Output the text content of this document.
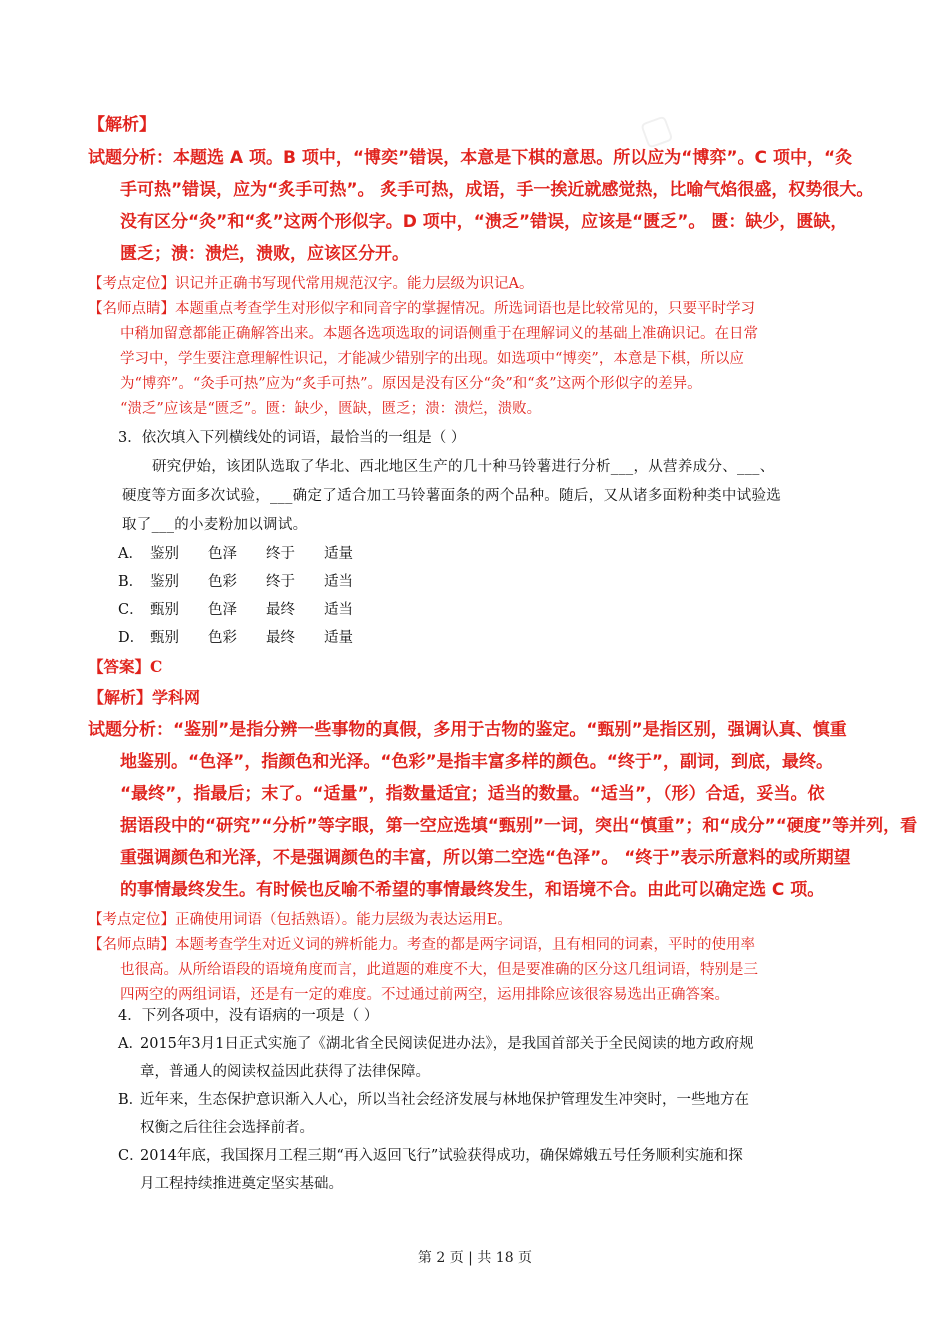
▢
【解析】
试题分析：本题选 A 项。B 项中，“博奕”错误，本意是下棋的意思。所以应为“博弈”。C 项中，“灸
手可热”错误，应为“炙手可热”。 炙手可热，成语，手一挨近就感觉热，比喻气焰很盛，权势很大。
没有区分“灸”和“炙”这两个形似字。D 项中，“溃乏”错误，应该是“匮乏”。 匮：缺少，匮缺，
匮乏；溃：溃烂，溃败，应该区分开。
【考点定位】识记并正确书写现代常用规范汉字。能力层级为识记A。
【名师点睛】本题重点考查学生对形似字和同音字的掌握情况。所选词语也是比较常见的，只要平时学习
中稍加留意都能正确解答出来。本题各选项选取的词语侧重于在理解词义的基础上准确识记。在日常
学习中，学生要注意理解性识记，才能减少错别字的出现。如选项中“博奕”，本意是下棋，所以应
为“博弈”。“灸手可热”应为“炙手可热”。原因是没有区分“灸”和“炙”这两个形似字的差异。
“溃乏”应该是“匮乏”。匮：缺少，匮缺，匮乏；溃：溃烂，溃败。
3．依次填入下列横线处的词语，最恰当的一组是（ ）
研究伊始，该团队选取了华北、西北地区生产的几十种马铃薯进行分析___，从营养成分、___、
硬度等方面多次试验，___确定了适合加工马铃薯面条的两个品种。随后，又从诸多面粉种类中试验选
取了___的小麦粉加以调试。
A． 鉴别 色泽 终于 适量
B． 鉴别 色彩 终于 适当
C． 甄别 色泽 最终 适当
D． 甄别 色彩 最终 适量
【答案】C
【解析】学科网
试题分析：“鉴别”是指分辨一些事物的真假，多用于古物的鉴定。“甄别”是指区别，强调认真、慎重
地鉴别。“色泽”，指颜色和光泽。“色彩”是指丰富多样的颜色。“终于”，副词，到底，最终。
“最终”，指最后；末了。“适量”，指数量适宜；适当的数量。“适当”，（形）合适，妥当。依
据语段中的“研究”“分析”等字眼，第一空应选填“甄别”一词，突出“慎重”；和“成分”“硬度”等并列，看
重强调颜色和光泽，不是强调颜色的丰富，所以第二空选“色泽”。 “终于”表示所意料的或所期望
的事情最终发生。有时候也反喻不希望的事情最终发生，和语境不合。由此可以确定选 C 项。
【考点定位】正确使用词语（包括熟语）。能力层级为表达运用E。
【名师点睛】本题考查学生对近义词的辨析能力。考查的都是两字词语，且有相同的词素，平时的使用率
也很高。从所给语段的语境角度而言，此道题的难度不大，但是要准确的区分这几组词语，特别是三
四两空的两组词语，还是有一定的难度。不过通过前两空，运用排除应该很容易选出正确答案。
4．下列各项中，没有语病的一项是（ ）
A．2015年3月1日正式实施了《湖北省全民阅读促进办法》，是我国首部关于全民阅读的地方政府规
章，普通人的阅读权益因此获得了法律保障。
B．近年来，生态保护意识渐入人心，所以当社会经济发展与林地保护管理发生冲突时，一些地方在
权衡之后往往会选择前者。
C．2014年底，我国探月工程三期“再入返回飞行”试验获得成功，确保嫦娥五号任务顺利实施和探
月工程持续推进奠定坚实基础。
第 2 页 | 共 18 页
